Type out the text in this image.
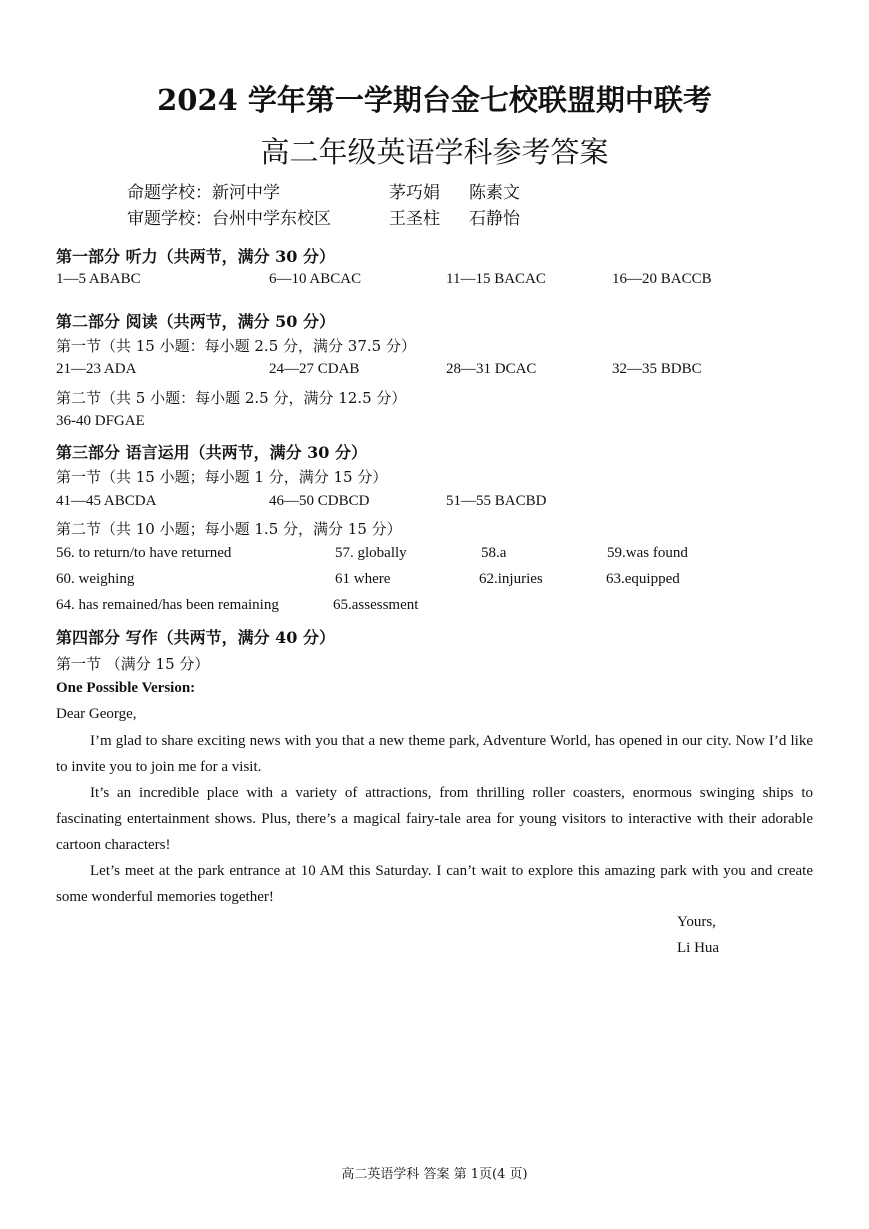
2024 学年第一学期台金七校联盟期中联考
高二年级英语学科参考答案
命题学校：新河中学	茅巧娟 陈素文
审题学校：台州中学东校区	王圣柱 石静怡
第一部分 听力（共两节，满分 30 分）
1—5 ABABC	6—10 ABCAC	11—15 BACAC	16—20 BACCB
第二部分 阅读（共两节，满分 50 分）
第一节（共 15 小题：每小题 2.5 分，满分 37.5 分）
21—23 ADA	24—27 CDAB	28—31 DCAC	32—35 BDBC
第二节（共 5 小题：每小题 2.5 分，满分 12.5 分）
36-40 DFGAE
第三部分 语言运用（共两节，满分 30 分）
第一节（共 15 小题；每小题 1 分，满分 15 分）
41—45 ABCDA	46—50 CDBCD	51—55 BACBD
第二节（共 10 小题；每小题 1.5 分，满分 15 分）
56. to return/to have returned	57. globally	58.a	59.was found
60. weighing	61 where	62.injuries	63.equipped
64. has remained/has been remaining	65.assessment
第四部分 写作（共两节，满分 40 分）
第一节 （满分 15 分）
One Possible Version:
Dear George,
I’m glad to share exciting news with you that a new theme park, Adventure World, has opened in our city. Now I’d like to invite you to join me for a visit.
It’s an incredible place with a variety of attractions, from thrilling roller coasters, enormous swinging ships to fascinating entertainment shows. Plus, there’s a magical fairy-tale area for young visitors to interactive with their adorable cartoon characters!
Let’s meet at the park entrance at 10 AM this Saturday. I can’t wait to explore this amazing park with you and create some wonderful memories together!
Yours,
Li Hua
高二英语学科 答案 第 1页(4 页)
